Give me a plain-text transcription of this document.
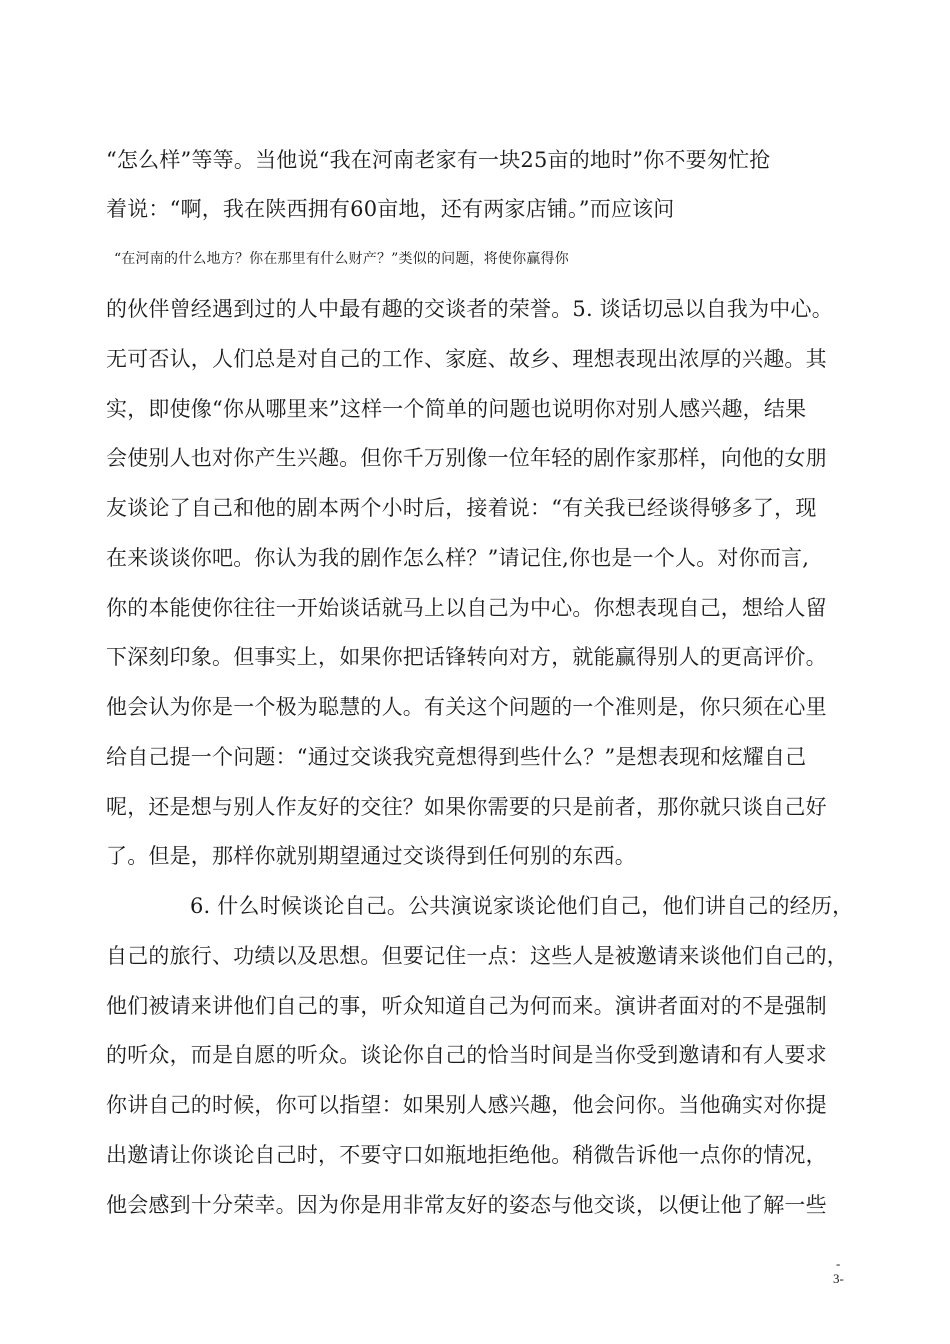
“怎么样”等等。当他说“我在河南老家有一块25亩的地时”你不要匆忙抢
着说：“啊，我在陕西拥有60亩地，还有两家店铺。”而应该问
“在河南的什么地方？你在那里有什么财产？”类似的问题，将使你赢得你
的伙伴曾经遇到过的人中最有趣的交谈者的荣誉。5. 谈话切忌以自我为中心。
无可否认，人们总是对自己的工作、家庭、故乡、理想表现出浓厚的兴趣。其
实，即使像“你从哪里来”这样一个简单的问题也说明你对别人感兴趣，结果
会使别人也对你产生兴趣。但你千万别像一位年轻的剧作家那样，向他的女朋
友谈论了自己和他的剧本两个小时后，接着说：“有关我已经谈得够多了，现
在来谈谈你吧。你认为我的剧作怎么样？”请记住,你也是一个人。对你而言,
你的本能使你往往一开始谈话就马上以自己为中心。你想表现自己，想给人留
下深刻印象。但事实上，如果你把话锋转向对方，就能赢得别人的更高评价。
他会认为你是一个极为聪慧的人。有关这个问题的一个准则是，你只须在心里
给自己提一个问题：“通过交谈我究竟想得到些什么？”是想表现和炫耀自己
呢，还是想与别人作友好的交往？如果你需要的只是前者，那你就只谈自己好
了。但是，那样你就别期望通过交谈得到任何别的东西。
6. 什么时候谈论自己。公共演说家谈论他们自己，他们讲自己的经历，
自己的旅行、功绩以及思想。但要记住一点：这些人是被邀请来谈他们自己的，
他们被请来讲他们自己的事，听众知道自己为何而来。演讲者面对的不是强制
的听众，而是自愿的听众。谈论你自己的恰当时间是当你受到邀请和有人要求
你讲自己的时候，你可以指望：如果别人感兴趣，他会问你。当他确实对你提
出邀请让你谈论自己时，不要守口如瓶地拒绝他。稍微告诉他一点你的情况，
他会感到十分荣幸。因为你是用非常友好的姿态与他交谈，以便让他了解一些
-
3-
